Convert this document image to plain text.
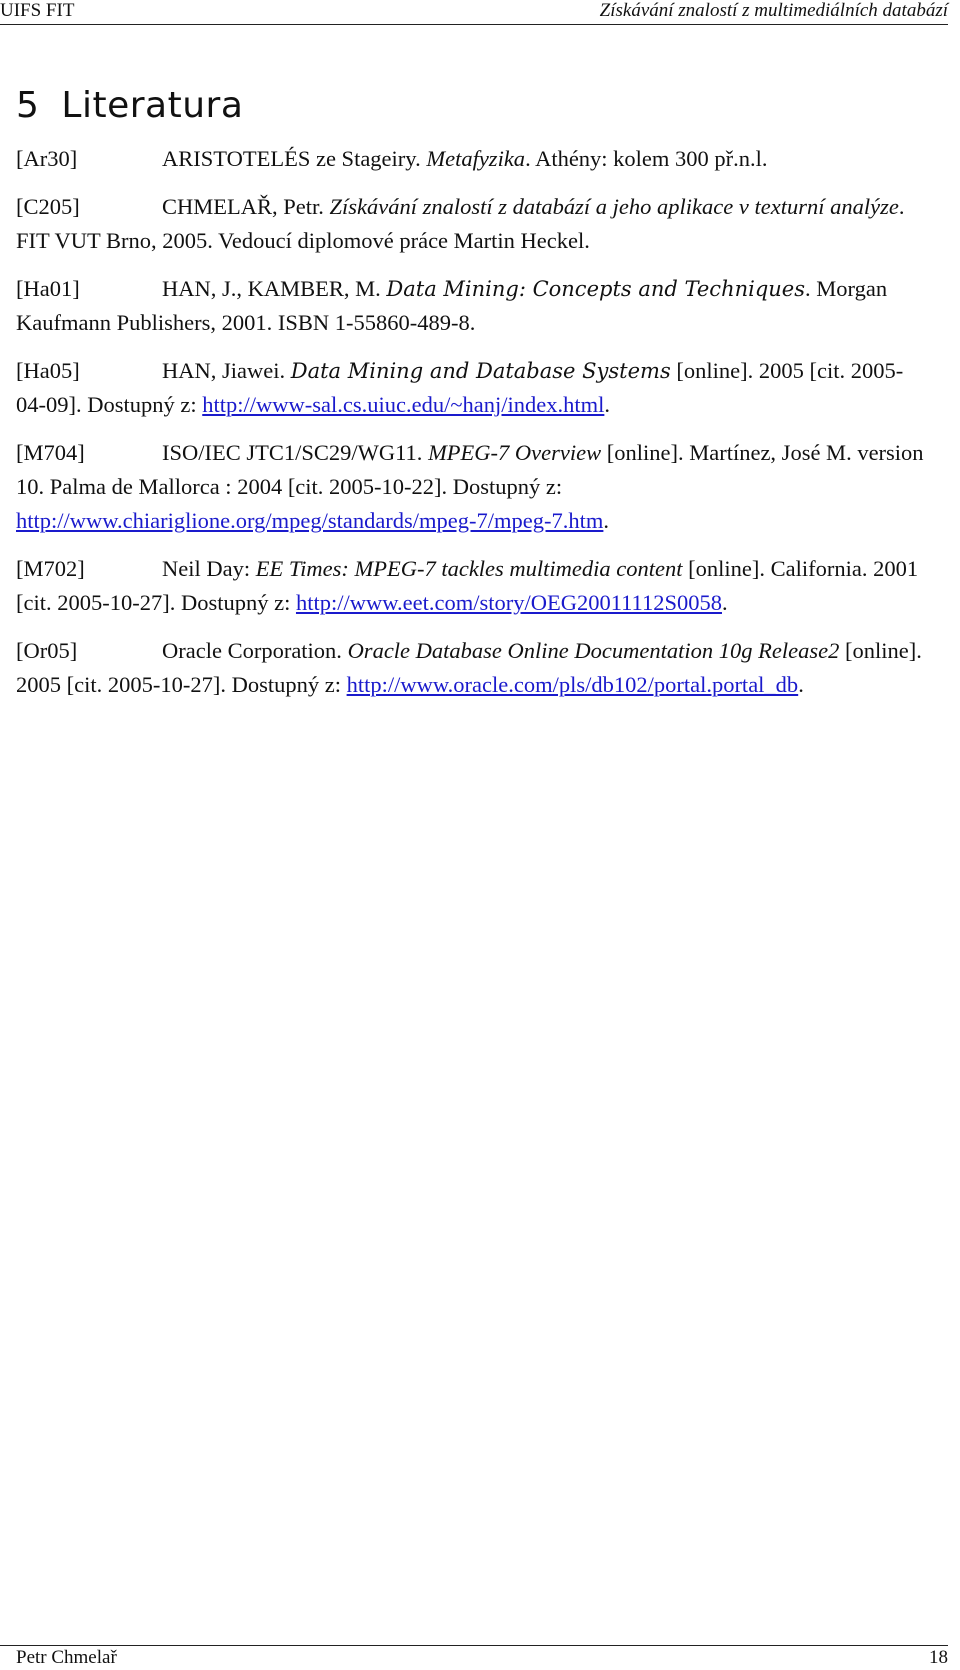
UIFS FIT	Získávání znalostí z multimediálních databází
5 Literatura

[Ar30]	ARISTOTELÉS ze Stageiry. Metafyzika. Athény: kolem 300 př.n.l.

[C205]	CHMELAŘ, Petr. Získávání znalostí z databází a jeho aplikace v texturní analýze. FIT VUT Brno, 2005. Vedoucí diplomové práce Martin Heckel.

[Ha01]	HAN, J., KAMBER, M. Data Mining: Concepts and Techniques. Morgan Kaufmann Publishers, 2001. ISBN 1-55860-489-8.

[Ha05]	HAN, Jiawei. Data Mining and Database Systems [online]. 2005 [cit. 2005-04-09]. Dostupný z: http://www-sal.cs.uiuc.edu/~hanj/index.html.

[M704]	ISO/IEC JTC1/SC29/WG11. MPEG-7 Overview [online]. Martínez, José M. version 10. Palma de Mallorca : 2004 [cit. 2005-10-22]. Dostupný z: http://www.chiariglione.org/mpeg/standards/mpeg-7/mpeg-7.htm.

[M702]	Neil Day: EE Times: MPEG-7 tackles multimedia content [online]. California. 2001 [cit. 2005-10-27]. Dostupný z: http://www.eet.com/story/OEG20011112S0058.

[Or05]	Oracle Corporation. Oracle Database Online Documentation 10g Release2 [online]. 2005 [cit. 2005-10-27]. Dostupný z: http://www.oracle.com/pls/db102/portal.portal_db.

Petr Chmelař	18
